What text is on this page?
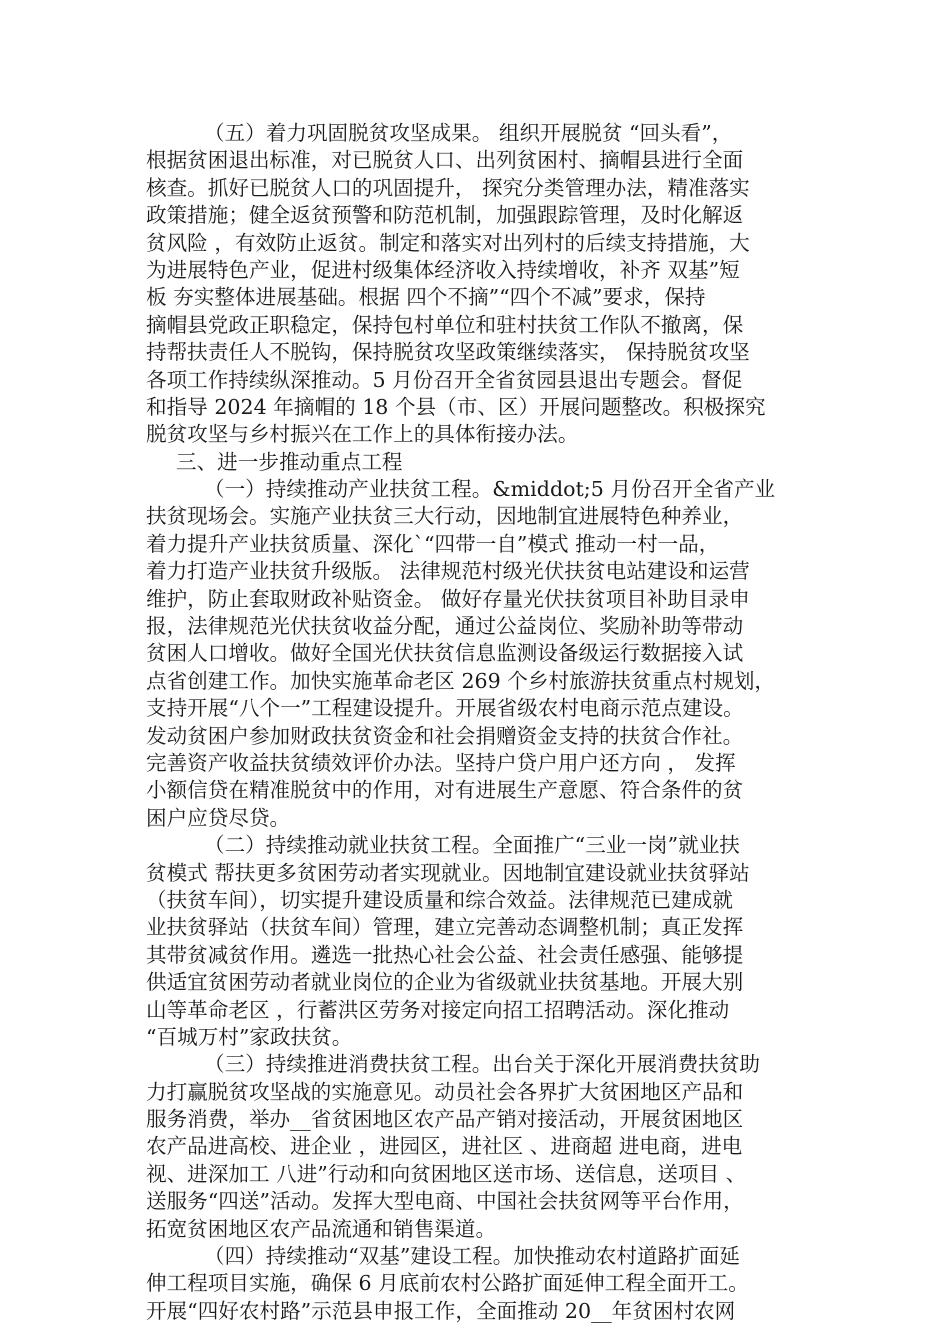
（五）着力巩固脱贫攻坚成果。 组织开展脱贫 “回头看”，
根据贫困退出标准，对已脱贫人口、出列贫困村、摘帽县进行全面
核查。抓好已脱贫人口的巩固提升， 探究分类管理办法，精准落实
政策措施；健全返贫预警和防范机制，加强跟踪管理，及时化解返
贫风险 ，有效防止返贫。制定和落实对出列村的后续支持措施，大
为进展特色产业，促进村级集体经济收入持续增收，补齐 双基”短
板 夯实整体进展基础。根据 四个不摘”“四个不减”要求，保持
摘帽县党政正职稳定，保持包村单位和驻村扶贫工作队不撤离，保
持帮扶责任人不脱钩，保持脱贫攻坚政策继续落实， 保持脱贫攻坚
各项工作持续纵深推动。5 月份召开全省贫园县退出专题会。督促
和指导 2024 年摘帽的 18 个县（市、区）开展问题整改。积极探究
脱贫攻坚与乡村振兴在工作上的具体衔接办法。
三、进一步推动重点工程
（一）持续推动产业扶贫工程。&middot;5 月份召开全省产业
扶贫现场会。实施产业扶贫三大行动，因地制宜进展特色种养业，
着力提升产业扶贫质量、深化`“四带一自”模式 推动一村一品，
着力打造产业扶贫升级版。 法律规范村级光伏扶贫电站建设和运营
维护，防止套取财政补贴资金。 做好存量光伏扶贫项目补助目录申
报，法律规范光伏扶贫收益分配，通过公益岗位、奖励补助等带动
贫困人口增收。做好全国光伏扶贫信息监测设备级运行数据接入试
点省创建工作。加快实施革命老区 269 个乡村旅游扶贫重点村规划，
支持开展“八个一”工程建设提升。开展省级农村电商示范点建设。
发动贫困户参加财政扶贫资金和社会捐赠资金支持的扶贫合作社。
完善资产收益扶贫绩效评价办法。坚持户贷户用户还方向 ， 发挥
小额信贷在精准脱贫中的作用，对有进展生产意愿、符合条件的贫
困户应贷尽贷。
（二）持续推动就业扶贫工程。全面推广“三业一岗”就业扶
贫模式 帮扶更多贫困劳动者实现就业。因地制宜建设就业扶贫驿站
（扶贫车间），切实提升建设质量和综合效益。法律规范已建成就
业扶贫驿站（扶贫车间）管理，建立完善动态调整机制；真正发挥
其带贫减贫作用。遴选一批热心社会公益、社会责任感强、能够提
供适宜贫困劳动者就业岗位的企业为省级就业扶贫基地。开展大别
山等革命老区 ，行蓄洪区劳务对接定向招工招聘活动。深化推动
“百城万村”家政扶贫。
（三）持续推进消费扶贫工程。出台关于深化开展消费扶贫助
力打赢脱贫攻坚战的实施意见。动员社会各界扩大贫困地区产品和
服务消费，举办__省贫困地区农产品产销对接活动，开展贫困地区
农产品进高校、进企业 ，进园区，进社区 、进商超 进电商，进电
视、进深加工 八进”行动和向贫困地区送市场、送信息，送项目 、
送服务“四送”活动。发挥大型电商、中国社会扶贫网等平台作用，
拓宽贫困地区农产品流通和销售渠道。
（四）持续推动“双基”建设工程。加快推动农村道路扩面延
伸工程项目实施，确保 6 月底前农村公路扩面延伸工程全面开工。
开展“四好农村路”示范县申报工作，全面推动 20__年贫困村农网
